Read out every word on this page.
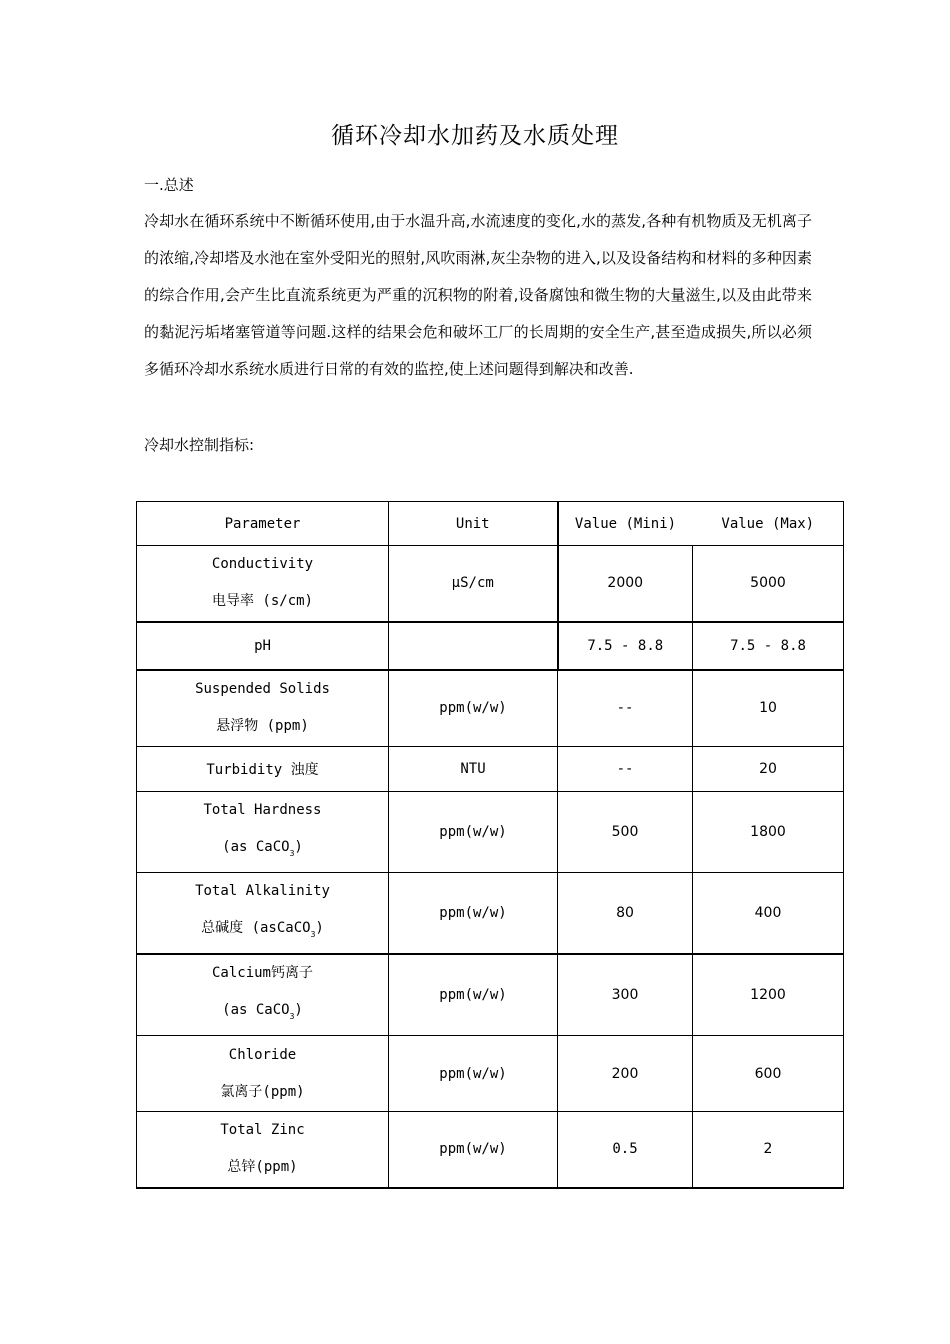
循环冷却水加药及水质处理
一.总述
冷却水在循环系统中不断循环使用,由于水温升高,水流速度的变化,水的蒸发,各种有机物质及无机离子的浓缩,冷却塔及水池在室外受阳光的照射,风吹雨淋,灰尘杂物的进入,以及设备结构和材料的多种因素的综合作用,会产生比直流系统更为严重的沉积物的附着,设备腐蚀和微生物的大量滋生,以及由此带来的黏泥污垢堵塞管道等问题.这样的结果会危和破坏工厂的长周期的安全生产,甚至造成损失,所以必须多循环冷却水系统水质进行日常的有效的监控,使上述问题得到解决和改善.
冷却水控制指标:
Parameter	Unit	Value (Mini)	Value (Max)

Conductivity
电导率 (s/cm)	μS/cm	2000	5000
pH		7.5 - 8.8	7.5 - 8.8

Suspended Solids
悬浮物 (ppm)	ppm(w/w)	--	10
Turbidity 浊度	NTU	--	20

Total Hardness
(as CaCO$_3$)	ppm(w/w)	500	1800

Total Alkalinity
总碱度 (asCaCO$_3$)	ppm(w/w)	80	400

Calcium钙离子
(as CaCO$_3$)	ppm(w/w)	300	1200

Chloride
氯离子(ppm)	ppm(w/w)	200	600

Total Zinc
总锌(ppm)	ppm(w/w)	0.5	2
